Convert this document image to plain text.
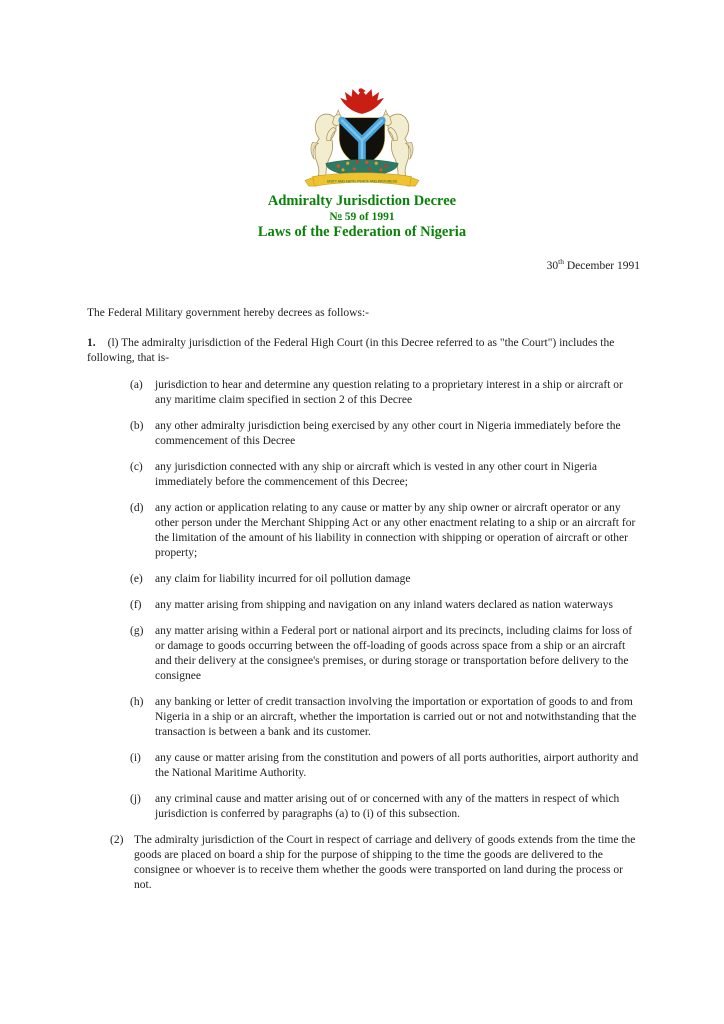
UNITY AND FAITH, PEACE AND PROGRESS

Admiralty Jurisdiction Decree

No 59 of 1991

Laws of the Federation of Nigeria

30th December 1991

The Federal Military government hereby decrees as follows:-

1. (l) The admiralty jurisdiction of the Federal High Court (in this Decree referred to as "the Court") includes the following, that is-

(a)	jurisdiction to hear and determine any question relating to a proprietary interest in a ship or aircraft or any maritime claim specified in section 2 of this Decree
(b)	any other admiralty jurisdiction being exercised by any other court in Nigeria immediately before the commencement of this Decree
(c)	any jurisdiction connected with any ship or aircraft which is vested in any other court in Nigeria immediately before the commencement of this Decree;
(d)	any action or application relating to any cause or matter by any ship owner or aircraft operator or any other person under the Merchant Shipping Act or any other enactment relating to a ship or an aircraft for the limitation of the amount of his liability in connection with shipping or operation of aircraft or other property;
(e)	any claim for liability incurred for oil pollution damage
(f)	any matter arising from shipping and navigation on any inland waters declared as nation waterways
(g)	any matter arising within a Federal port or national airport and its precincts, including claims for loss of or damage to goods occurring between the off-loading of goods across space from a ship or an aircraft and their delivery at the consignee's premises, or during storage or transportation before delivery to the consignee
(h)	any banking or letter of credit transaction involving the importation or exportation of goods to and from Nigeria in a ship or an aircraft, whether the importation is carried out or not and notwithstanding that the transaction is between a bank and its customer.
(i)	any cause or matter arising from the constitution and powers of all ports authorities, airport authority and the National Maritime Authority.
(j)	any criminal cause and matter arising out of or concerned with any of the matters in respect of which jurisdiction is conferred by paragraphs (a) to (i) of this subsection.
(2) The admiralty jurisdiction of the Court in respect of carriage and delivery of goods extends from the time the goods are placed on board a ship for the purpose of shipping to the time the goods are delivered to the consignee or whoever is to receive them whether the goods were transported on land during the process or not.
